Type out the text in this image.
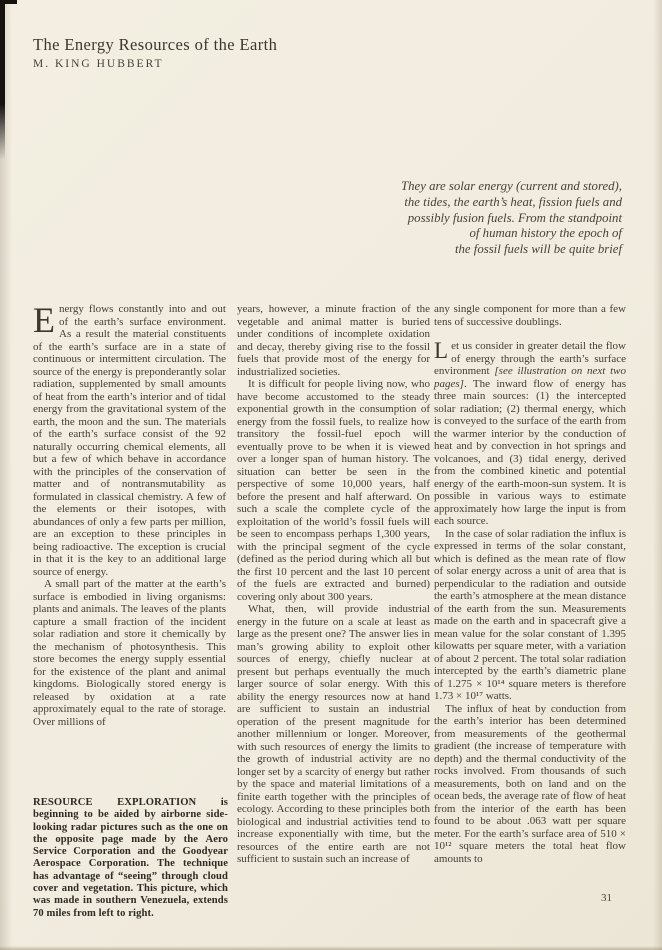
The Energy Resources of the Earth
M. KING HUBBERT
They are solar energy (current and stored),
the tides, the earth’s heat, fission fuels and
possibly fusion fuels. From the standpoint
of human history the epoch of
the fossil fuels will be quite brief

Energy flows constantly into and out of the earth’s surface environment. As a result the material constituents of the earth’s surface are in a state of continuous or intermittent circulation. The source of the energy is preponderantly solar radiation, supplemented by small amounts of heat from the earth’s interior and of tidal energy from the gravitational system of the earth, the moon and the sun. The materials of the earth’s surface consist of the 92 naturally occurring chemical elements, all but a few of which behave in accordance with the principles of the conservation of matter and of nontransmutability as formulated in classical chemistry. A few of the elements or their isotopes, with abundances of only a few parts per million, are an exception to these principles in being radioactive. The exception is crucial in that it is the key to an additional large source of energy.

A small part of the matter at the earth’s surface is embodied in living organisms: plants and animals. The leaves of the plants capture a small fraction of the incident solar radiation and store it chemically by the mechanism of photosynthesis. This store becomes the energy supply essential for the existence of the plant and animal kingdoms. Biologically stored energy is released by oxidation at a rate approximately equal to the rate of storage. Over millions of

RESOURCE EXPLORATION is beginning to be aided by airborne side-looking radar pictures such as the one on the opposite page made by the Aero Service Corporation and the Goodyear Aerospace Corporation. The technique has advantage of “seeing” through cloud cover and vegetation. This picture, which was made in southern Venezuela, extends 70 miles from left to right.

years, however, a minute fraction of the vegetable and animal matter is buried under conditions of incomplete oxidation and decay, thereby giving rise to the fossil fuels that provide most of the energy for industrialized societies.

It is difficult for people living now, who have become accustomed to the steady exponential growth in the consumption of energy from the fossil fuels, to realize how transitory the fossil-fuel epoch will eventually prove to be when it is viewed over a longer span of human history. The situation can better be seen in the perspective of some 10,000 years, half before the present and half afterward. On such a scale the complete cycle of the exploitation of the world’s fossil fuels will be seen to encompass perhaps 1,300 years, with the principal segment of the cycle (defined as the period during which all but the first 10 percent and the last 10 percent of the fuels are extracted and burned) covering only about 300 years.

What, then, will provide industrial energy in the future on a scale at least as large as the present one? The answer lies in man’s growing ability to exploit other sources of energy, chiefly nuclear at present but perhaps eventually the much larger source of solar energy. With this ability the energy resources now at hand are sufficient to sustain an industrial operation of the present magnitude for another millennium or longer. Moreover, with such resources of energy the limits to the growth of industrial activity are no longer set by a scarcity of energy but rather by the space and material limitations of a finite earth together with the principles of ecology. According to these principles both biological and industrial activities tend to increase exponentially with time, but the resources of the entire earth are not sufficient to sustain such an increase of

any single component for more than a few tens of successive doublings.

Let us consider in greater detail the flow of energy through the earth’s surface environment [see illustration on next two pages]. The inward flow of energy has three main sources: (1) the intercepted solar radiation; (2) thermal energy, which is conveyed to the surface of the earth from the warmer interior by the conduction of heat and by convection in hot springs and volcanoes, and (3) tidal energy, derived from the combined kinetic and potential energy of the earth-moon-sun system. It is possible in various ways to estimate approximately how large the input is from each source.

In the case of solar radiation the influx is expressed in terms of the solar constant, which is defined as the mean rate of flow of solar energy across a unit of area that is perpendicular to the radiation and outside the earth’s atmosphere at the mean distance of the earth from the sun. Measurements made on the earth and in spacecraft give a mean value for the solar constant of 1.395 kilowatts per square meter, with a variation of about 2 percent. The total solar radiation intercepted by the earth’s diametric plane of 1.275 × 10¹⁴ square meters is therefore 1.73 × 10¹⁷ watts.

The influx of heat by conduction from the earth’s interior has been determined from measurements of the geothermal gradient (the increase of temperature with depth) and the thermal conductivity of the rocks involved. From thousands of such measurements, both on land and on the ocean beds, the average rate of flow of heat from the interior of the earth has been found to be about .063 watt per square meter. For the earth’s surface area of 510 × 10¹² square meters the total heat flow amounts to

31
